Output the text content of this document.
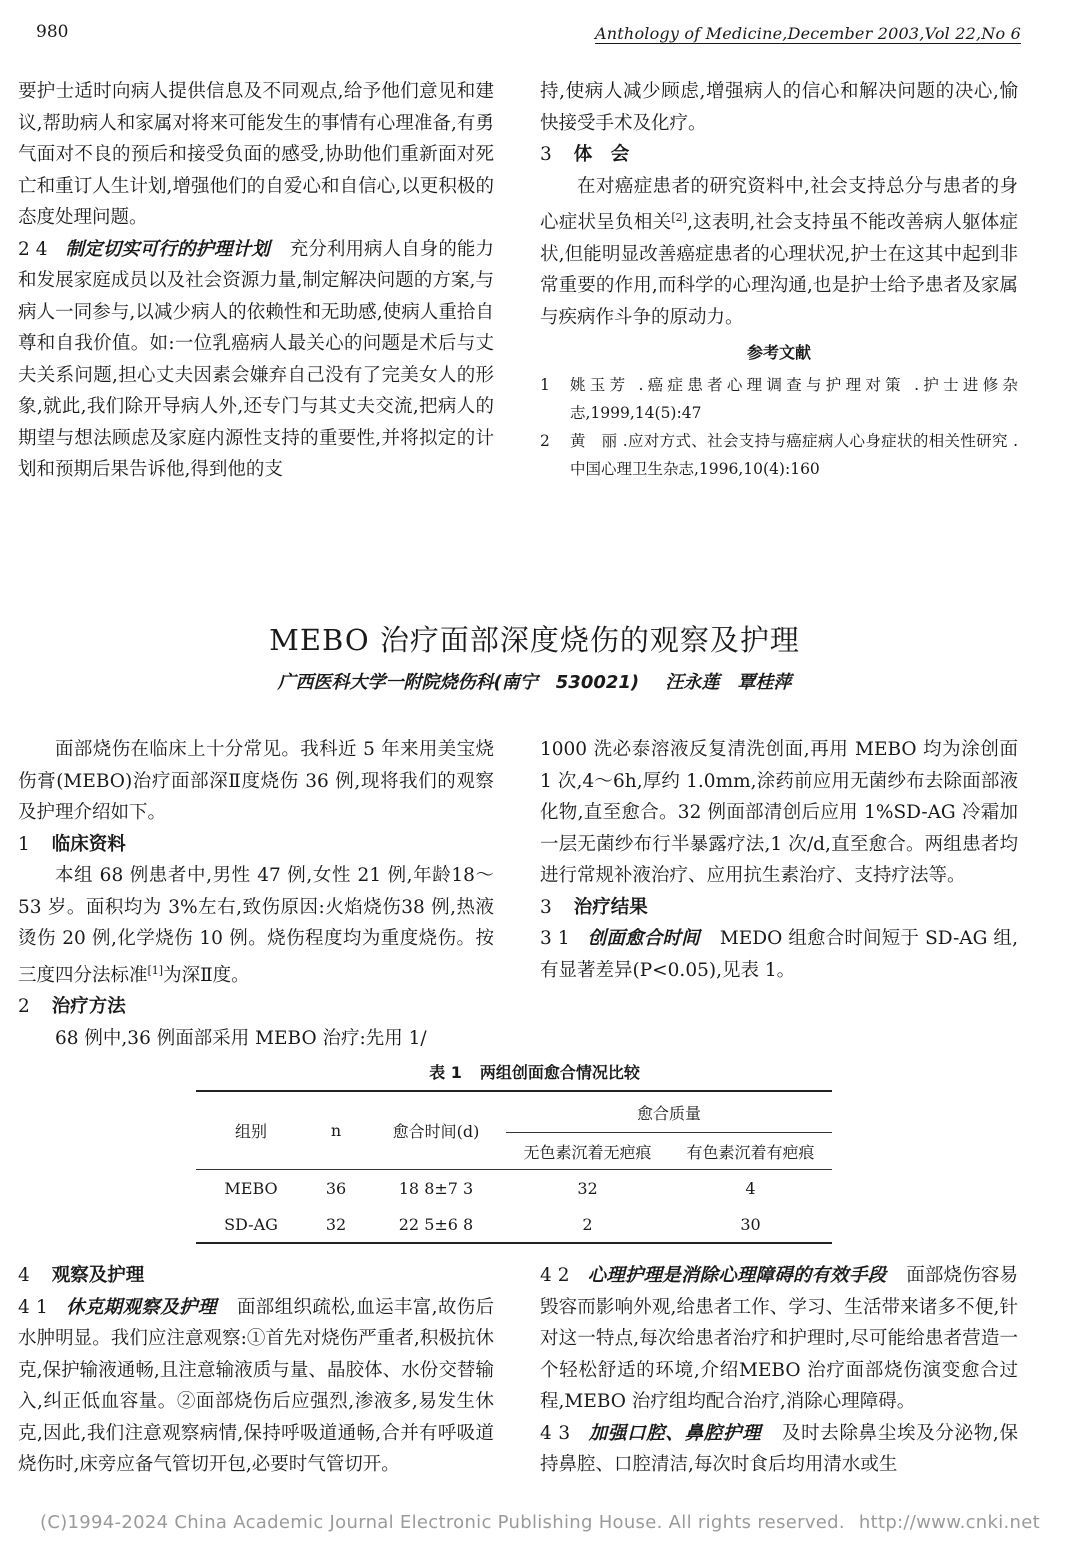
980	Anthology of Medicine,December 2003,Vol 22,No 6

要护士适时向病人提供信息及不同观点,给予他们意见和建议,帮助病人和家属对将来可能发生的事情有心理准备,有勇气面对不良的预后和接受负面的感受,协助他们重新面对死亡和重订人生计划,增强他们的自爱心和自信心,以更积极的态度处理问题。

2 4 制定切实可行的护理计划 充分利用病人自身的能力和发展家庭成员以及社会资源力量,制定解决问题的方案,与病人一同参与,以减少病人的依赖性和无助感,使病人重拾自尊和自我价值。如:一位乳癌病人最关心的问题是术后与丈夫关系问题,担心丈夫因素会嫌弃自己没有了完美女人的形象,就此,我们除开导病人外,还专门与其丈夫交流,把病人的期望与想法顾虑及家庭内源性支持的重要性,并将拟定的计划和预期后果告诉他,得到他的支

持,使病人减少顾虑,增强病人的信心和解决问题的决心,愉快接受手术及化疗。

3 体　会

在对癌症患者的研究资料中,社会支持总分与患者的身心症状呈负相关[2],这表明,社会支持虽不能改善病人躯体症状,但能明显改善癌症患者的心理状况,护士在这其中起到非常重要的作用,而科学的心理沟通,也是护士给予患者及家属与疾病作斗争的原动力。

参考文献
1	姚玉芳 .癌症患者心理调查与护理对策 .护士进修杂志,1999,14(5):47
2	黄　丽 .应对方式、社会支持与癌症病人心身症状的相关性研究 .中国心理卫生杂志,1996,10(4):160
MEBO 治疗面部深度烧伤的观察及护理
广西医科大学一附院烧伤科(南宁　530021) 汪永莲　覃桂萍

面部烧伤在临床上十分常见。我科近 5 年来用美宝烧伤膏(MEBO)治疗面部深Ⅱ度烧伤 36 例,现将我们的观察及护理介绍如下。

1 临床资料

本组 68 例患者中,男性 47 例,女性 21 例,年龄18～53 岁。面积均为 3%左右,致伤原因:火焰烧伤38 例,热液烫伤 20 例,化学烧伤 10 例。烧伤程度均为重度烧伤。按三度四分法标准[1]为深Ⅱ度。

2 治疗方法

68 例中,36 例面部采用 MEBO 治疗:先用 1/

1000 洗必泰溶液反复清洗创面,再用 MEBO 均为涂创面 1 次,4～6h,厚约 1.0mm,涂药前应用无菌纱布去除面部液化物,直至愈合。32 例面部清创后应用 1%SD-AG 冷霜加一层无菌纱布行半暴露疗法,1 次/d,直至愈合。两组患者均进行常规补液治疗、应用抗生素治疗、支持疗法等。

3 治疗结果

3 1 创面愈合时间 MEDO 组愈合时间短于 SD-AG 组,有显著差异(P<0.05),见表 1。

表 1 两组创面愈合情况比较
组别	n	愈合时间(d)	愈合质量	
			无色素沉着无疤痕	有色素沉着有疤痕
MEBO	36	18 8±7 3	32	4
SD-AG	32	22 5±6 8	2	30

4 观察及护理

4 1 休克期观察及护理 面部组织疏松,血运丰富,故伤后水肿明显。我们应注意观察:①首先对烧伤严重者,积极抗休克,保护输液通畅,且注意输液质与量、晶胶体、水份交替输入,纠正低血容量。②面部烧伤后应强烈,渗液多,易发生休克,因此,我们注意观察病情,保持呼吸道通畅,合并有呼吸道烧伤时,床旁应备气管切开包,必要时气管切开。

4 2 心理护理是消除心理障碍的有效手段 面部烧伤容易毁容而影响外观,给患者工作、学习、生活带来诸多不便,针对这一特点,每次给患者治疗和护理时,尽可能给患者营造一个轻松舒适的环境,介绍MEBO 治疗面部烧伤演变愈合过程,MEBO 治疗组均配合治疗,消除心理障碍。

4 3 加强口腔、鼻腔护理 及时去除鼻尘埃及分泌物,保持鼻腔、口腔清洁,每次时食后均用清水或生

(C)1994-2024 China Academic Journal Electronic Publishing House. All rights reserved. http://www.cnki.net
